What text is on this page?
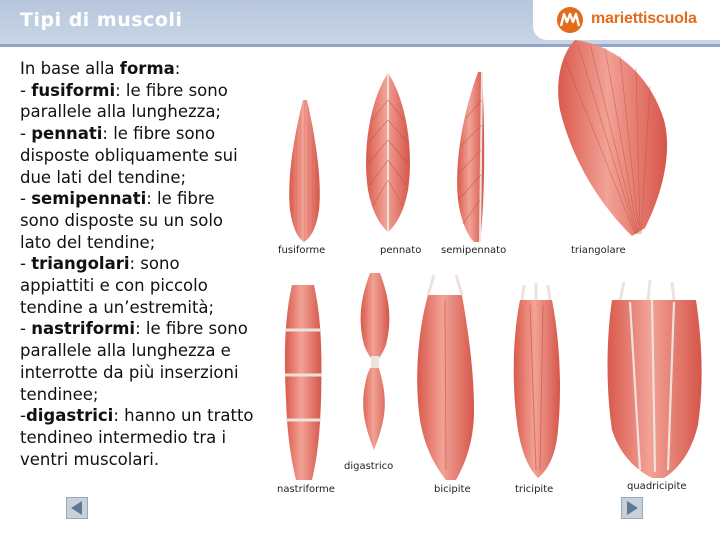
Tipi di muscoli	mariettiscuola
In base alla forma:
- fusiformi: le fibre sono
parallele alla lunghezza;
- pennati: le fibre sono
disposte obliquamente sui
due lati del tendine;
- semipennati: le fibre
sono disposte su un solo
lato del tendine;
- triangolari: sono
appiattiti e con piccolo
tendine a un’estremità;
- nastriformi: le fibre sono
parallele alla lunghezza e
interrotte da più inserzioni
tendinee;
-digastrici: hanno un tratto
tendineo intermedio tra i
ventri muscolari.
fusiforme	pennato semipennato	triangolare
digastrico
nastriforme	bicipite	tricipite	quadricipite
